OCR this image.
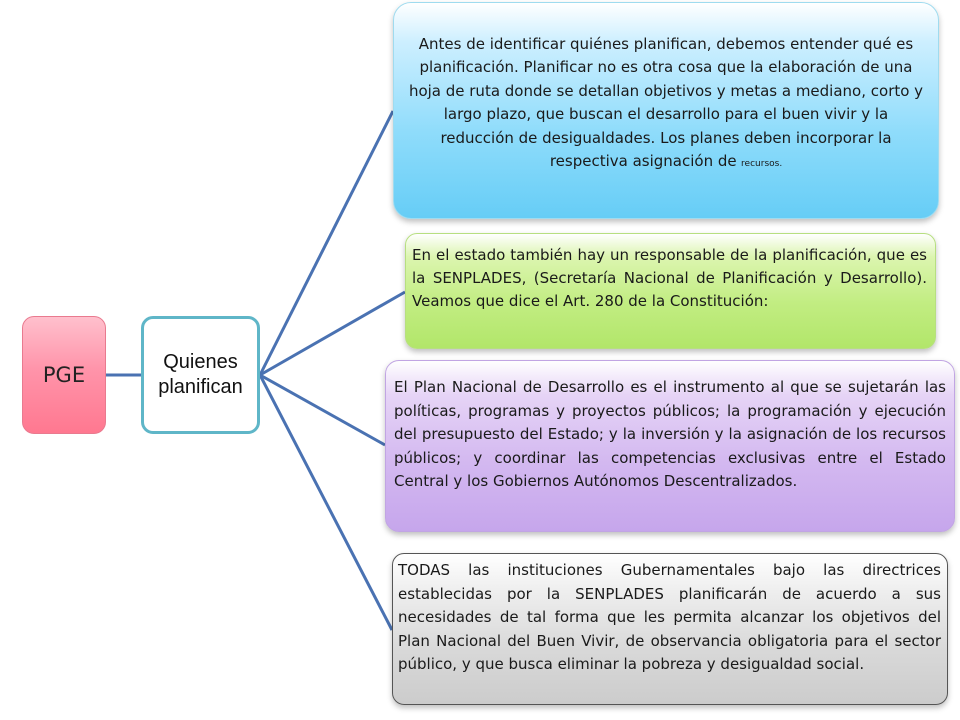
PGE
Quienes planifican
Antes de identificar quiénes planifican, debemos entender qué es planificación. Planificar no es otra cosa que la elaboración de una hoja de ruta donde se detallan objetivos y metas a mediano, corto y largo plazo, que buscan el desarrollo para el buen vivir y la reducción de desigualdades. Los planes deben incorporar la respectiva asignación de recursos.
En el estado también hay un responsable de la planificación, que es la SENPLADES, (Secretaría Nacional de Planificación y Desarrollo). Veamos que dice el Art. 280 de la Constitución:
El Plan Nacional de Desarrollo es el instrumento al que se sujetarán las políticas, programas y proyectos públicos; la programación y ejecución del presupuesto del Estado; y la inversión y la asignación de los recursos públicos; y coordinar las competencias exclusivas entre el Estado Central y los Gobiernos Autónomos Descentralizados.
TODAS las instituciones Gubernamentales bajo las directrices establecidas por la SENPLADES planificarán de acuerdo a sus necesidades de tal forma que les permita alcanzar los objetivos del Plan Nacional del Buen Vivir, de observancia obligatoria para el sector público, y que busca eliminar la pobreza y desigualdad social.
